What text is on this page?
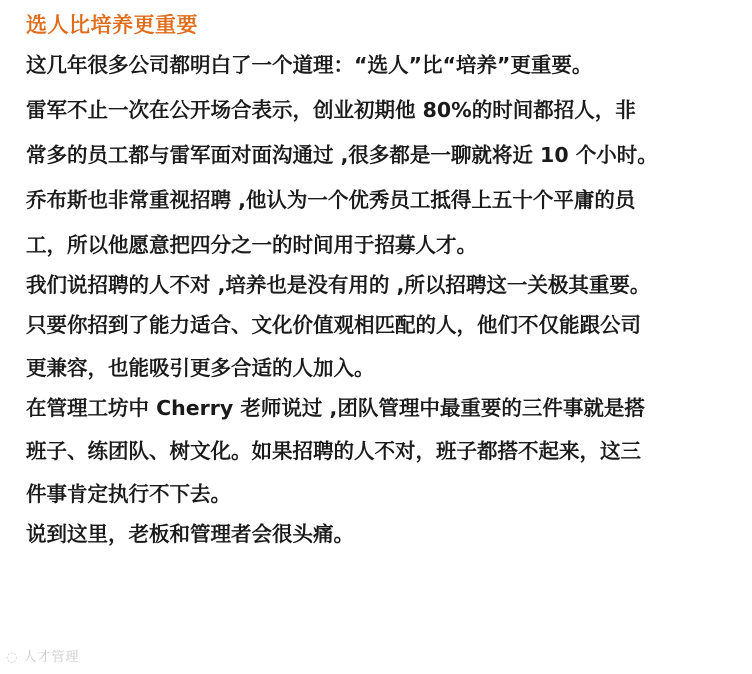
选人比培养更重要
这几年很多公司都明白了一个道理：“选人”比“培养”更重要。
雷军不止一次在公开场合表示，创业初期他 80%的时间都招人，非
常多的员工都与雷军面对面沟通过 ,很多都是一聊就将近 10 个小时。
乔布斯也非常重视招聘 ,他认为一个优秀员工抵得上五十个平庸的员
工，所以他愿意把四分之一的时间用于招募人才。
我们说招聘的人不对 ,培养也是没有用的 ,所以招聘这一关极其重要。
只要你招到了能力适合、文化价值观相匹配的人，他们不仅能跟公司
更兼容，也能吸引更多合适的人加入。
在管理工坊中 Cherry 老师说过 ,团队管理中最重要的三件事就是搭
班子、练团队、树文化。如果招聘的人不对，班子都搭不起来，这三
件事肯定执行不下去。
说到这里，老板和管理者会很头痛。
◌ 人才管理
